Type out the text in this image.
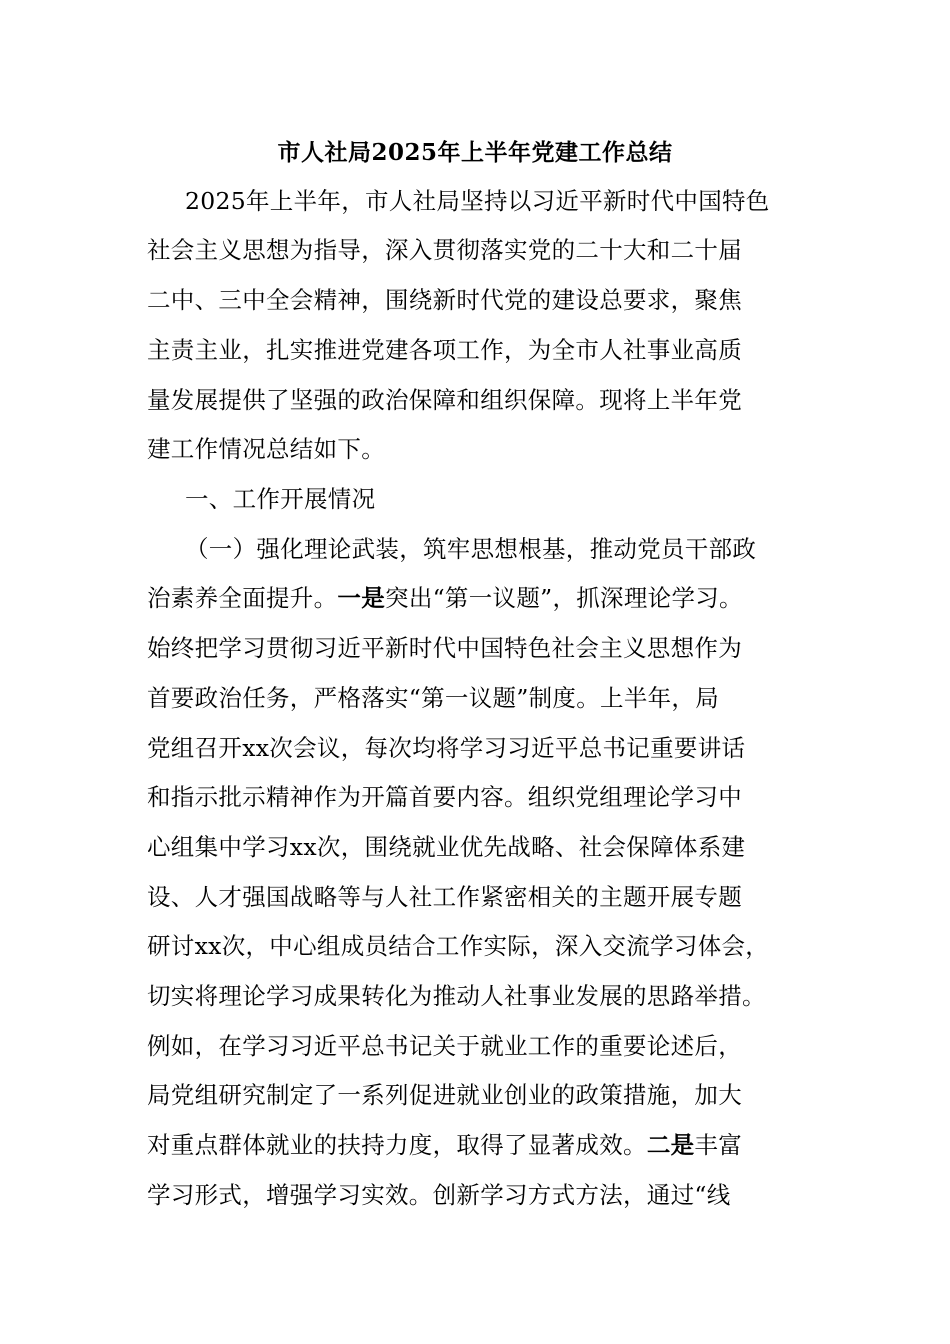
市人社局2025年上半年党建工作总结
2025年上半年，市人社局坚持以习近平新时代中国特色
社会主义思想为指导，深入贯彻落实党的二十大和二十届
二中、三中全会精神，围绕新时代党的建设总要求，聚焦
主责主业，扎实推进党建各项工作，为全市人社事业高质
量发展提供了坚强的政治保障和组织保障。现将上半年党
建工作情况总结如下。
一、工作开展情况
（一）强化理论武装，筑牢思想根基，推动党员干部政
治素养全面提升。一是突出“第一议题”，抓深理论学习。
始终把学习贯彻习近平新时代中国特色社会主义思想作为
首要政治任务，严格落实“第一议题”制度。上半年，局
党组召开xx次会议，每次均将学习习近平总书记重要讲话
和指示批示精神作为开篇首要内容。组织党组理论学习中
心组集中学习xx次，围绕就业优先战略、社会保障体系建
设、人才强国战略等与人社工作紧密相关的主题开展专题
研讨xx次，中心组成员结合工作实际，深入交流学习体会，
切实将理论学习成果转化为推动人社事业发展的思路举措。
例如，在学习习近平总书记关于就业工作的重要论述后，
局党组研究制定了一系列促进就业创业的政策措施，加大
对重点群体就业的扶持力度，取得了显著成效。二是丰富
学习形式，增强学习实效。创新学习方式方法，通过“线
